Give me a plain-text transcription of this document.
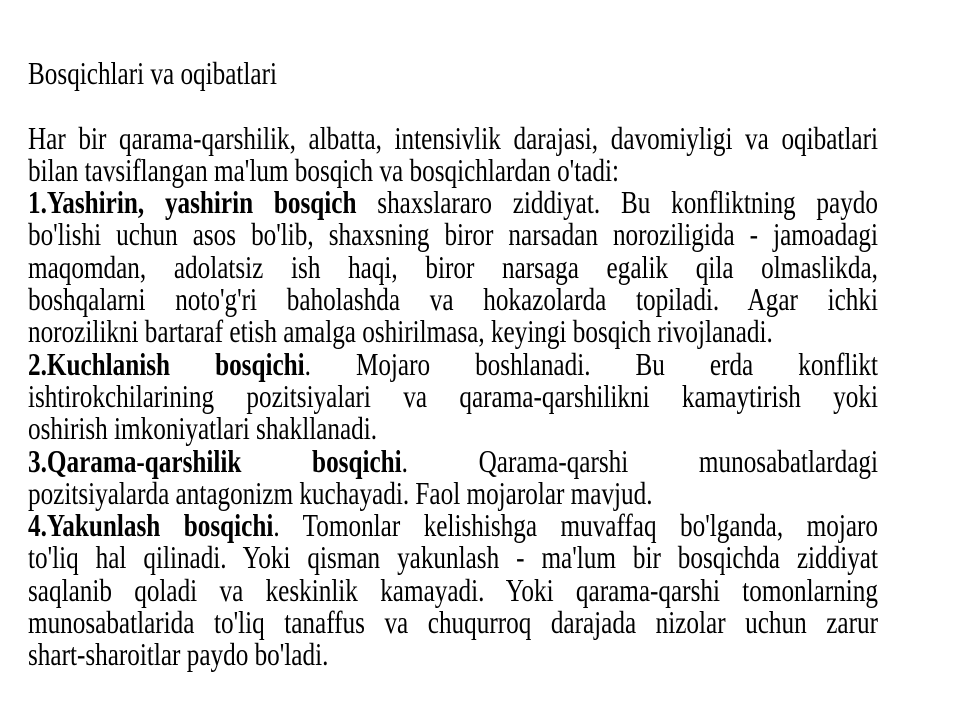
Bosqichlari va oqibatlari
Har bir qarama-qarshilik, albatta, intensivlik darajasi, davomiyligi va oqibatlari
bilan tavsiflangan ma'lum bosqich va bosqichlardan o'tadi:
1.Yashirin, yashirin bosqich shaxslararo ziddiyat. Bu konfliktning paydo
bo'lishi uchun asos bo'lib, shaxsning biror narsadan noroziligida - jamoadagi
maqomdan, adolatsiz ish haqi, biror narsaga egalik qila olmaslikda,
boshqalarni noto'g'ri baholashda va hokazolarda topiladi. Agar ichki
norozilikni bartaraf etish amalga oshirilmasa, keyingi bosqich rivojlanadi.
2.Kuchlanish bosqichi. Mojaro boshlanadi. Bu erda konflikt
ishtirokchilarining pozitsiyalari va qarama-qarshilikni kamaytirish yoki
oshirish imkoniyatlari shakllanadi.
3.Qarama-qarshilik bosqichi. Qarama-qarshi munosabatlardagi
pozitsiyalarda antagonizm kuchayadi. Faol mojarolar mavjud.
4.Yakunlash bosqichi. Tomonlar kelishishga muvaffaq bo'lganda, mojaro
to'liq hal qilinadi. Yoki qisman yakunlash - ma'lum bir bosqichda ziddiyat
saqlanib qoladi va keskinlik kamayadi. Yoki qarama-qarshi tomonlarning
munosabatlarida to'liq tanaffus va chuqurroq darajada nizolar uchun zarur
shart-sharoitlar paydo bo'ladi.
